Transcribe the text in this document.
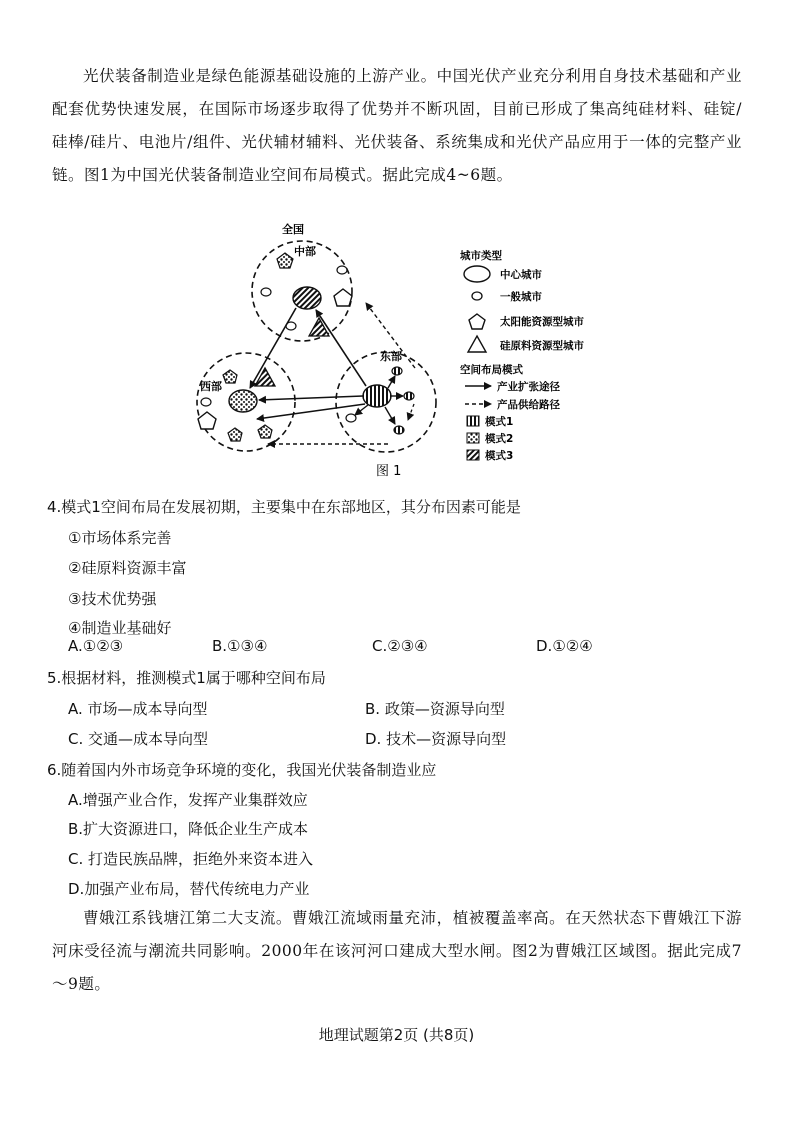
光伏装备制造业是绿色能源基础设施的上游产业。中国光伏产业充分利用自身技术基础和产业配套优势快速发展，在国际市场逐步取得了优势并不断巩固，目前已形成了集高纯硅材料、硅锭/硅棒/硅片、电池片/组件、光伏辅材辅料、光伏装备、系统集成和光伏产品应用于一体的完整产业链。图1为中国光伏装备制造业空间布局模式。据此完成4~6题。

全国
中部
西部
东部
图 1
城市类型
中心城市
一般城市
太阳能资源型城市
硅原料资源型城市
空间布局模式
产业扩张途径
产品供给路径
模式1
模式2
模式3

4.模式1空间布局在发展初期，主要集中在东部地区，其分布因素可能是

①市场体系完善

②硅原料资源丰富

③技术优势强

④制造业基础好

A.①②③	B.①③④	C.②③④	D.①②④

5.根据材料，推测模式1属于哪种空间布局

A. 市场—成本导向型	B. 政策—资源导向型

C. 交通—成本导向型	D. 技术—资源导向型

6.随着国内外市场竞争环境的变化，我国光伏装备制造业应

A.增强产业合作，发挥产业集群效应

B.扩大资源进口，降低企业生产成本

C. 打造民族品牌，拒绝外来资本进入

D.加强产业布局，替代传统电力产业

曹娥江系钱塘江第二大支流。曹娥江流域雨量充沛，植被覆盖率高。在天然状态下曹娥江下游河床受径流与潮流共同影响。2000年在该河河口建成大型水闸。图2为曹娥江区域图。据此完成7～9题。

地理试题第2页 (共8页)
